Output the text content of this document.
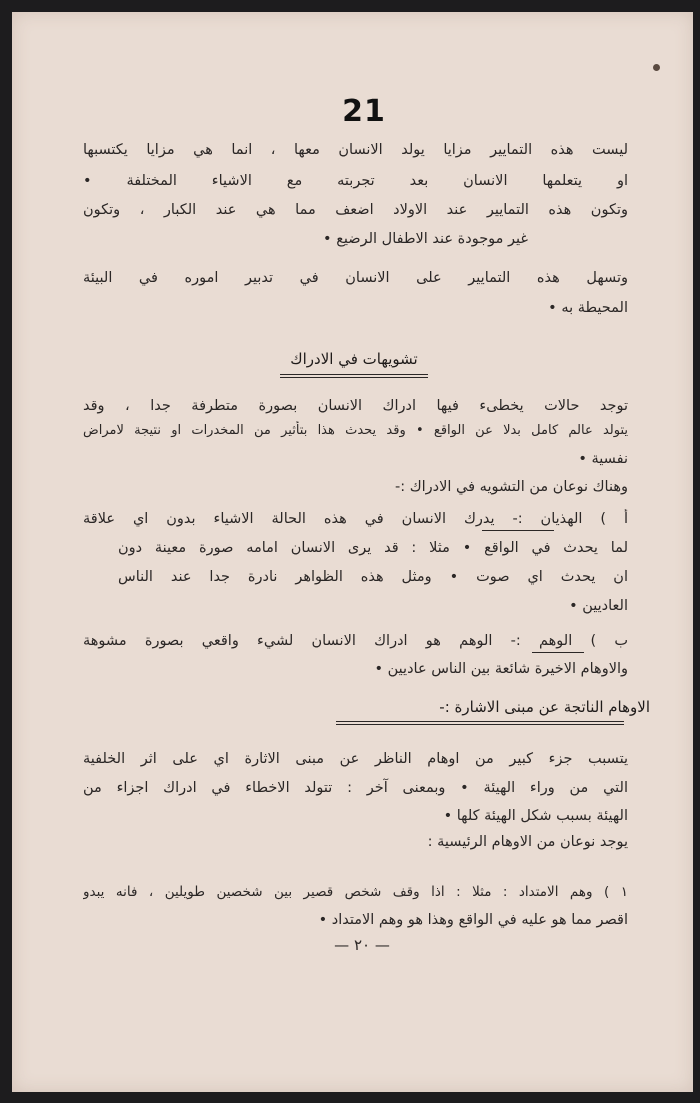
21
ليست هذه التمايير مزايا يولد الانسان معها ، انما هي مزايا يكتسبها
او يتعلمها الانسان بعد تجربته مع الاشياء المختلفة •
وتكون هذه التمايير عند الاولاد اضعف مما هي عند الكبار ، وتكون
غير موجودة عند الاطفال الرضيع •
وتسهل هذه التمايير على الانسان في تدبير اموره في البيئة
المحيطة به •
تشويهات في الادراك
توجد حالات يخطىء فيها ادراك الانسان بصورة متطرفة جدا ، وقد
يتولد عالم كامل بدلا عن الواقع • وقد يحدث هذا بتأثير من المخدرات او نتيجة لامراض
نفسية •
وهناك نوعان من التشويه في الادراك :-
أ ) الهذيان :- يدرك الانسان في هذه الحالة الاشياء بدون اي علاقة
لما يحدث في الواقع • مثلا : قد يرى الانسان امامه صورة معينة دون
ان يحدث اي صوت • ومثل هذه الظواهر نادرة جدا عند الناس
العاديين •
ب ) الوهم :- الوهم هو ادراك الانسان لشيء واقعي بصورة مشوهة
والاوهام الاخيرة شائعة بين الناس عاديين •
الاوهام الناتجة عن مبنى الاشارة :-
يتسبب جزء كبير من اوهام الناظر عن مبنى الاثارة اي على اثر الخلفية
التي من وراء الهيئة • وبمعنى آخر : تتولد الاخطاء في ادراك اجزاء من
الهيئة بسبب شكل الهيئة كلها •
يوجد نوعان من الاوهام الرئيسية :
١ ) وهم الامتداد : مثلا : اذا وقف شخص قصير بين شخصين طويلين ، فانه يبدو
اقصر مما هو عليه في الواقع وهذا هو وهم الامتداد •
— ٢٠ —
